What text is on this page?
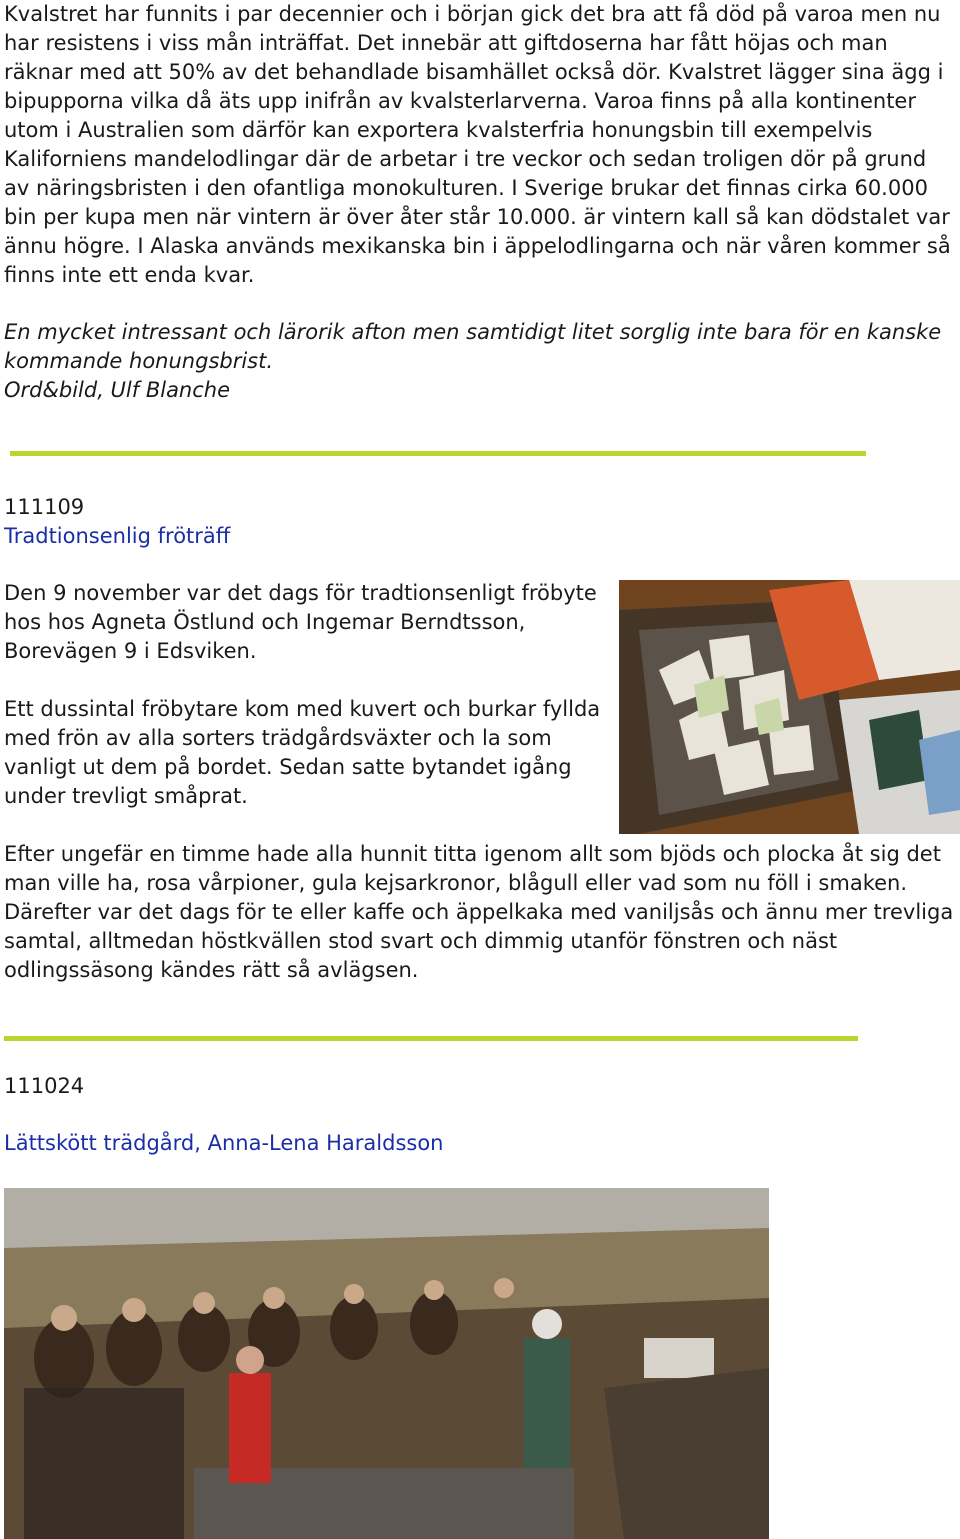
Kvalstret har funnits i par decennier och i början gick det bra att få död på varoa men nu har resistens i viss mån inträffat. Det innebär att giftdoserna har fått höjas och man räknar med att 50% av det behandlade bisamhället också dör. Kvalstret lägger sina ägg i bipupporna vilka då äts upp inifrån av kvalsterlarverna. Varoa finns på alla kontinenter utom i Australien som därför kan exportera kvalsterfria honungsbin till exempelvis Kaliforniens mandelodlingar där de arbetar i tre veckor och sedan troligen dör på grund av näringsbristen i den ofantliga monokulturen. I Sverige brukar det finnas cirka 60.000 bin per kupa men när vintern är över åter står 10.000. är vintern kall så kan dödstalet var ännu högre. I Alaska används mexikanska bin i äppelodlingarna och när våren kommer så finns inte ett enda kvar.

En mycket intressant och lärorik afton men samtidigt litet sorglig inte bara för en kanske kommande honungsbrist.

Ord&bild, Ulf Blanche

111109

Tradtionsenlig fröträff

Den 9 november var det dags för tradtionsenligt fröbyte hos hos Agneta Östlund och Ingemar Berndtsson, Borevägen 9 i Edsviken.

Ett dussintal fröbytare kom med kuvert och burkar fyllda med frön av alla sorters trädgårdsväxter och la som vanligt ut dem på bordet. Sedan satte bytandet igång under trevligt småprat.

Efter ungefär en timme hade alla hunnit titta igenom allt som bjöds och plocka åt sig det man ville ha, rosa vårpioner, gula kejsarkronor, blågull eller vad som nu föll i smaken. Därefter var det dags för te eller kaffe och äppelkaka med vaniljsås och ännu mer trevliga samtal, alltmedan höstkvällen stod svart och dimmig utanför fönstren och näst odlingssäsong kändes rätt så avlägsen.

111024

Lättskött trädgård, Anna-Lena Haraldsson
